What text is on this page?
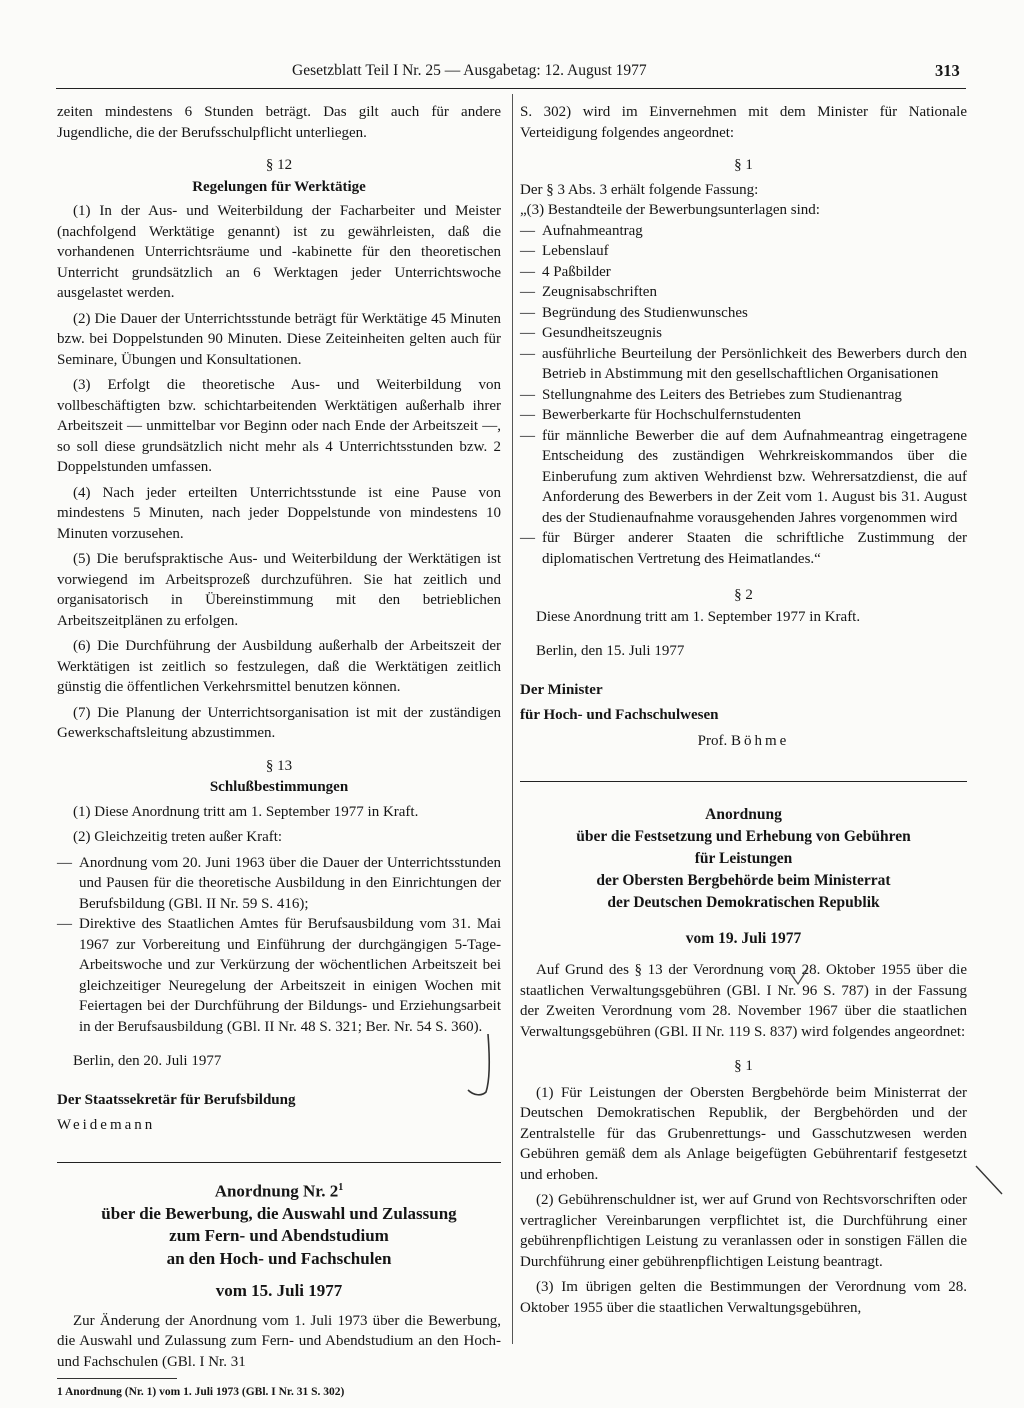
Gesetzblatt Teil I Nr. 25 — Ausgabetag: 12. August 1977	313

zeiten mindestens 6 Stunden beträgt. Das gilt auch für andere Jugendliche, die der Berufsschulpflicht unterliegen.

§ 12
Regelungen für Werktätige

(1) In der Aus- und Weiterbildung der Facharbeiter und Meister (nachfolgend Werktätige genannt) ist zu gewährleisten, daß die vorhandenen Unterrichtsräume und -kabinette für den theoretischen Unterricht grundsätzlich an 6 Werktagen jeder Unterrichtswoche ausgelastet werden.

(2) Die Dauer der Unterrichtsstunde beträgt für Werktätige 45 Minuten bzw. bei Doppelstunden 90 Minuten. Diese Zeiteinheiten gelten auch für Seminare, Übungen und Konsultationen.

(3) Erfolgt die theoretische Aus- und Weiterbildung von vollbeschäftigten bzw. schichtarbeitenden Werktätigen außerhalb ihrer Arbeitszeit — unmittelbar vor Beginn oder nach Ende der Arbeitszeit —, so soll diese grundsätzlich nicht mehr als 4 Unterrichtsstunden bzw. 2 Doppelstunden umfassen.

(4) Nach jeder erteilten Unterrichtsstunde ist eine Pause von mindestens 5 Minuten, nach jeder Doppelstunde von mindestens 10 Minuten vorzusehen.

(5) Die berufspraktische Aus- und Weiterbildung der Werktätigen ist vorwiegend im Arbeitsprozeß durchzuführen. Sie hat zeitlich und organisatorisch in Übereinstimmung mit den betrieblichen Arbeitszeitplänen zu erfolgen.

(6) Die Durchführung der Ausbildung außerhalb der Arbeitszeit der Werktätigen ist zeitlich so festzulegen, daß die Werktätigen zeitlich günstig die öffentlichen Verkehrsmittel benutzen können.

(7) Die Planung der Unterrichtsorganisation ist mit der zuständigen Gewerkschaftsleitung abzustimmen.

§ 13
Schlußbestimmungen

(1) Diese Anordnung tritt am 1. September 1977 in Kraft.

(2) Gleichzeitig treten außer Kraft:

— Anordnung vom 20. Juni 1963 über die Dauer der Unterrichtsstunden und Pausen für die theoretische Ausbildung in den Einrichtungen der Berufsbildung (GBl. II Nr. 59 S. 416);
— Direktive des Staatlichen Amtes für Berufsausbildung vom 31. Mai 1967 zur Vorbereitung und Einführung der durchgängigen 5-Tage-Arbeitswoche und zur Verkürzung der wöchentlichen Arbeitszeit bei gleichzeitiger Neuregelung der Arbeitszeit in einigen Wochen mit Feiertagen bei der Durchführung der Bildungs- und Erziehungsarbeit in der Berufsausbildung (GBl. II Nr. 48 S. 321; Ber. Nr. 54 S. 360).

Berlin, den 20. Juli 1977

Der Staatssekretär für Berufsbildung

Weidemann

Anordnung Nr. $2^1$
über die Bewerbung, die Auswahl und Zulassung
zum Fern- und Abendstudium
an den Hoch- und Fachschulen
vom 15. Juli 1977

Zur Änderung der Anordnung vom 1. Juli 1973 über die Bewerbung, die Auswahl und Zulassung zum Fern- und Abendstudium an den Hoch- und Fachschulen (GBl. I Nr. 31

1 Anordnung (Nr. 1) vom 1. Juli 1973 (GBl. I Nr. 31 S. 302)

S. 302) wird im Einvernehmen mit dem Minister für Nationale Verteidigung folgendes angeordnet:

§ 1

Der § 3 Abs. 3 erhält folgende Fassung:

„(3) Bestandteile der Bewerbungsunterlagen sind:

— Aufnahmeantrag
— Lebenslauf
— 4 Paßbilder
— Zeugnisabschriften
— Begründung des Studienwunsches
— Gesundheitszeugnis
— ausführliche Beurteilung der Persönlichkeit des Bewerbers durch den Betrieb in Abstimmung mit den gesellschaftlichen Organisationen
— Stellungnahme des Leiters des Betriebes zum Studienantrag
— Bewerberkarte für Hochschulfernstudenten
— für männliche Bewerber die auf dem Aufnahmeantrag eingetragene Entscheidung des zuständigen Wehrkreiskommandos über die Einberufung zum aktiven Wehrdienst bzw. Wehrersatzdienst, die auf Anforderung des Bewerbers in der Zeit vom 1. August bis 31. August des der Studienaufnahme vorausgehenden Jahres vorgenommen wird
— für Bürger anderer Staaten die schriftliche Zustimmung der diplomatischen Vertretung des Heimatlandes.“
§ 2

Diese Anordnung tritt am 1. September 1977 in Kraft.

Berlin, den 15. Juli 1977

Der Minister

für Hoch- und Fachschulwesen

Prof. Böhme

Anordnung
über die Festsetzung und Erhebung von Gebühren
für Leistungen
der Obersten Bergbehörde beim Ministerrat
der Deutschen Demokratischen Republik
vom 19. Juli 1977

Auf Grund des § 13 der Verordnung vom 28. Oktober 1955 über die staatlichen Verwaltungsgebühren (GBl. I Nr. 96 S. 787) in der Fassung der Zweiten Verordnung vom 28. November 1967 über die staatlichen Verwaltungsgebühren (GBl. II Nr. 119 S. 837) wird folgendes angeordnet:

§ 1

(1) Für Leistungen der Obersten Bergbehörde beim Ministerrat der Deutschen Demokratischen Republik, der Bergbehörden und der Zentralstelle für das Grubenrettungs- und Gasschutzwesen werden Gebühren gemäß dem als Anlage beigefügten Gebührentarif festgesetzt und erhoben.

(2) Gebührenschuldner ist, wer auf Grund von Rechtsvorschriften oder vertraglicher Vereinbarungen verpflichtet ist, die Durchführung einer gebührenpflichtigen Leistung zu veranlassen oder in sonstigen Fällen die Durchführung einer gebührenpflichtigen Leistung beantragt.

(3) Im übrigen gelten die Bestimmungen der Verordnung vom 28. Oktober 1955 über die staatlichen Verwaltungsgebühren,
